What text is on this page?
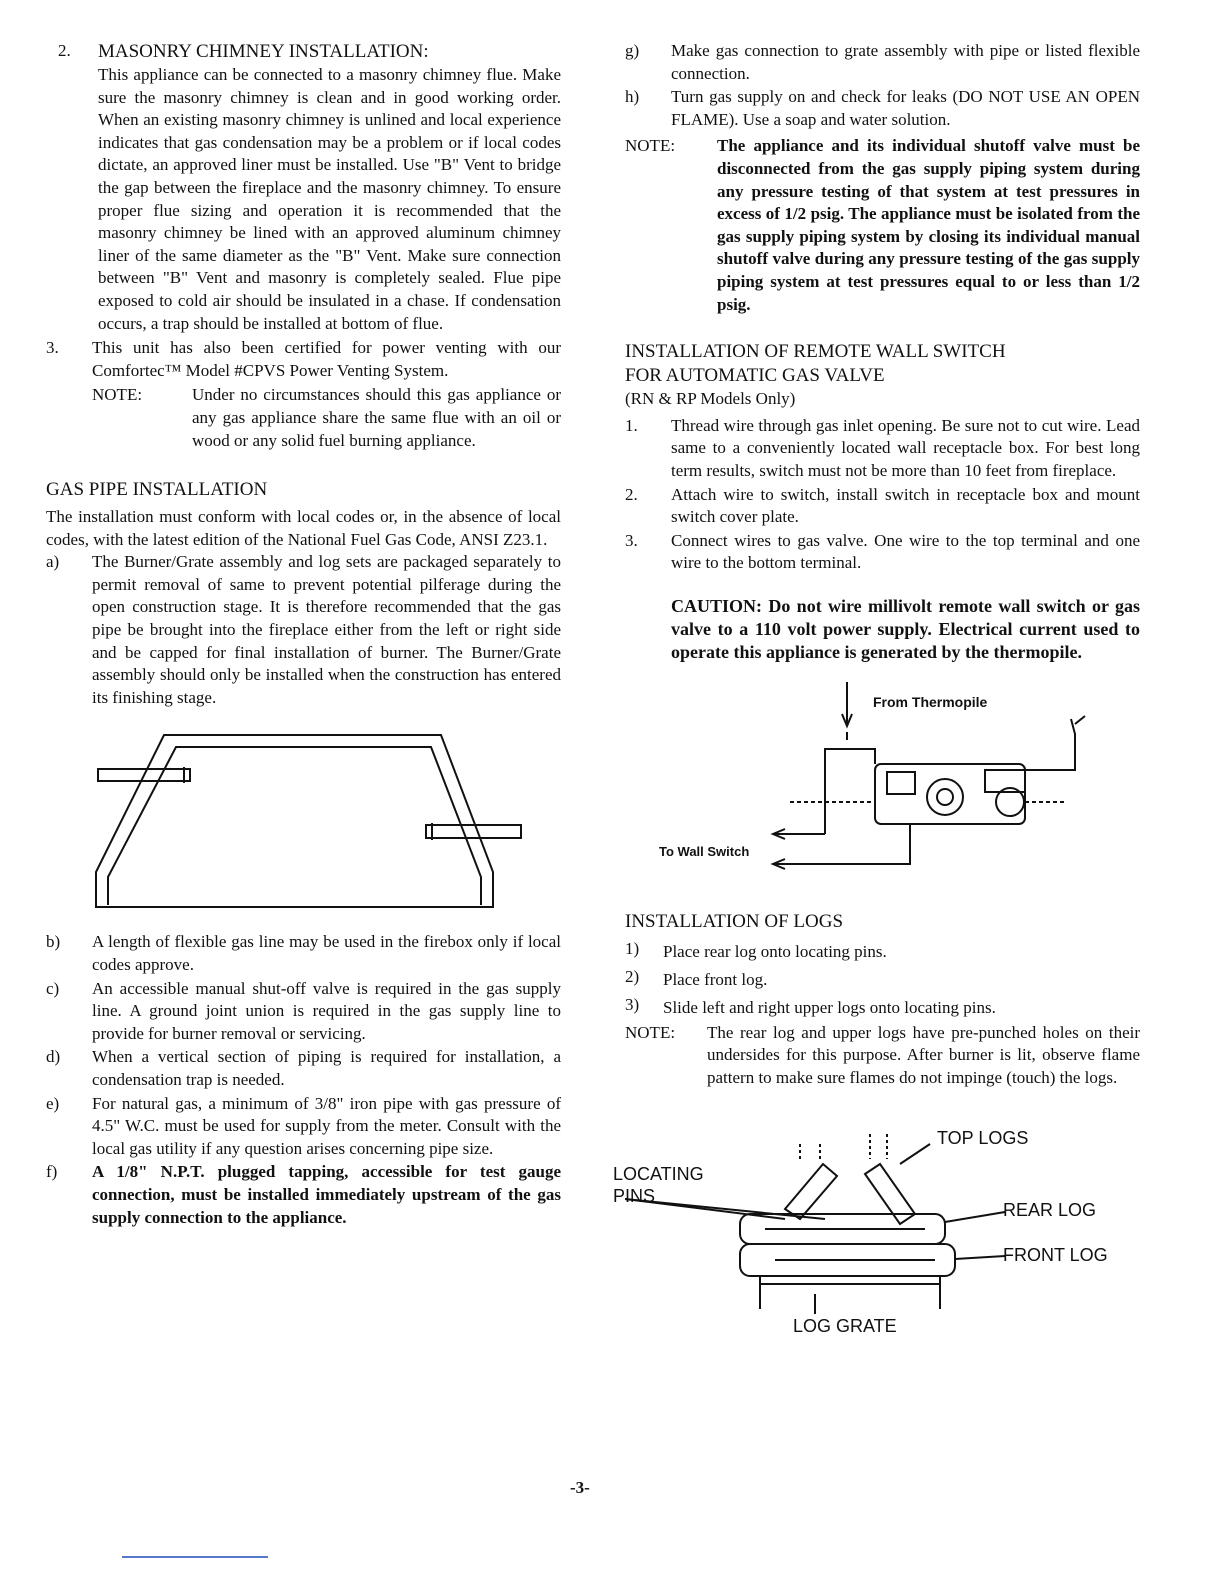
2.	MASONRY CHIMNEY INSTALLATION:

This appliance can be connected to a masonry chimney flue. Make sure the masonry chimney is clean and in good working order. When an existing masonry chimney is unlined and local experience indicates that gas condensation may be a problem or if local codes dictate, an approved liner must be installed. Use "B" Vent to bridge the gap between the fireplace and the masonry chimney. To ensure proper flue sizing and operation it is recommended that the masonry chimney be lined with an approved aluminum chimney liner of the same diameter as the "B" Vent. Make sure connection between "B" Vent and masonry is completely sealed. Flue pipe exposed to cold air should be insulated in a chase. If condensation occurs, a trap should be installed at bottom of flue.

3.	This unit has also been certified for power venting with our Comfortec™ Model #CPVS Power Venting System.

NOTE:	Under no circumstances should this gas appliance or any gas appliance share the same flue with an oil or wood or any solid fuel burning appliance.

GAS PIPE INSTALLATION

The installation must conform with local codes or, in the absence of local codes, with the latest edition of the National Fuel Gas Code, ANSI Z23.1.

a)	The Burner/Grate assembly and log sets are packaged separately to permit removal of same to prevent potential pilferage during the open construction stage. It is therefore recommended that the gas pipe be brought into the fireplace either from the left or right side and be capped for final installation of burner. The Burner/Grate assembly should only be installed when the construction has entered its finishing stage.
b)	A length of flexible gas line may be used in the firebox only if local codes approve.
c)	An accessible manual shut-off valve is required in the gas supply line. A ground joint union is required in the gas supply line to provide for burner removal or servicing.
d)	When a vertical section of piping is required for installation, a condensation trap is needed.
e)	For natural gas, a minimum of 3/8" iron pipe with gas pressure of 4.5" W.C. must be used for supply from the meter. Consult with the local gas utility if any question arises concerning pipe size.
f)	A 1/8" N.P.T. plugged tapping, accessible for test gauge connection, must be installed immediately upstream of the gas supply connection to the appliance.
g)	Make gas connection to grate assembly with pipe or listed flexible connection.
h)	Turn gas supply on and check for leaks (DO NOT USE AN OPEN FLAME). Use a soap and water solution.
NOTE:	The appliance and its individual shutoff valve must be disconnected from the gas supply piping system during any pressure testing of that system at test pressures in excess of 1/2 psig. The appliance must be isolated from the gas supply piping system by closing its individual manual shutoff valve during any pressure testing of the gas supply piping system at test pressures equal to or less than 1/2 psig.

INSTALLATION OF REMOTE WALL SWITCH

FOR AUTOMATIC GAS VALVE

(RN & RP Models Only)

1.	Thread wire through gas inlet opening. Be sure not to cut wire. Lead same to a conveniently located wall receptacle box. For best long term results, switch must not be more than 10 feet from fireplace.
2.	Attach wire to switch, install switch in receptacle box and mount switch cover plate.
3.	Connect wires to gas valve. One wire to the top terminal and one wire to the bottom terminal.

CAUTION: Do not wire millivolt remote wall switch or gas valve to a 110 volt power supply. Electrical current used to operate this appliance is generated by the thermopile.

From Thermopile
To Wall Switch

INSTALLATION OF LOGS

1)	Place rear log onto locating pins.
2)	Place front log.
3)	Slide left and right upper logs onto locating pins.
NOTE:	The rear log and upper logs have pre-punched holes on their undersides for this purpose. After burner is lit, observe flame pattern to make sure flames do not impinge (touch) the logs.
TOP LOGS
LOCATING
PINS
REAR LOG
FRONT LOG
LOG GRATE
-3-
